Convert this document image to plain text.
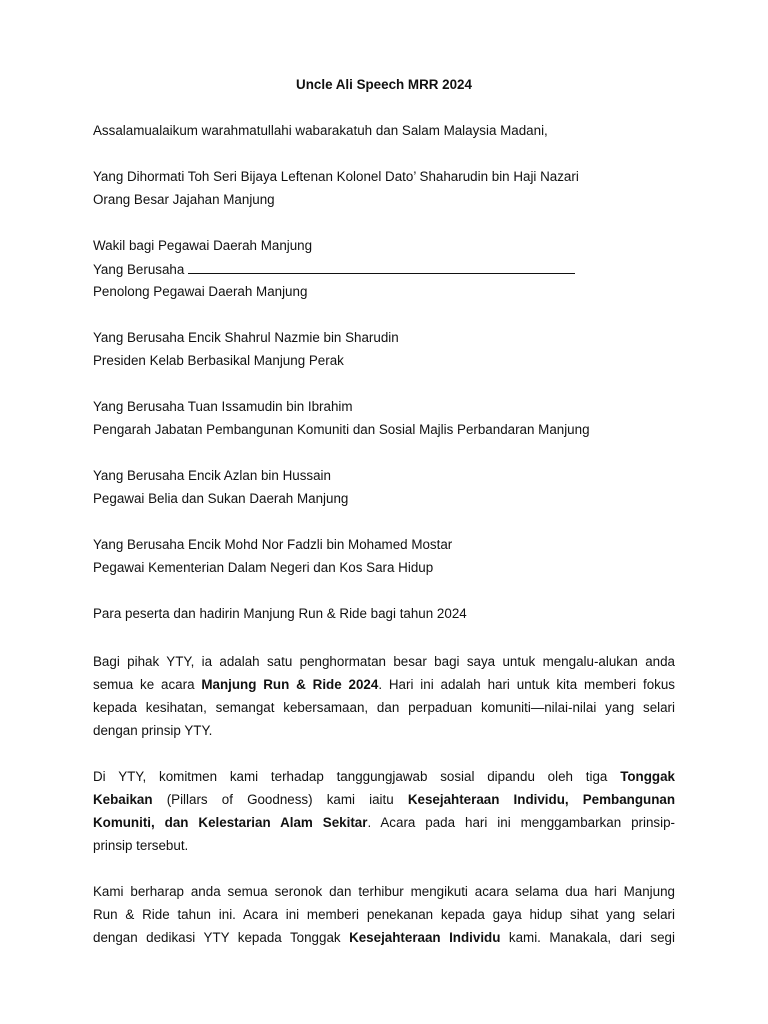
Uncle Ali Speech MRR 2024
Assalamualaikum warahmatullahi wabarakatuh dan Salam Malaysia Madani,
Yang Dihormati Toh Seri Bijaya Leftenan Kolonel Dato’ Shaharudin bin Haji Nazari
Orang Besar Jajahan Manjung
Wakil bagi Pegawai Daerah Manjung
Yang Berusaha
Penolong Pegawai Daerah Manjung
Yang Berusaha Encik Shahrul Nazmie bin Sharudin
Presiden Kelab Berbasikal Manjung Perak
Yang Berusaha Tuan Issamudin bin Ibrahim
Pengarah Jabatan Pembangunan Komuniti dan Sosial Majlis Perbandaran Manjung
Yang Berusaha Encik Azlan bin Hussain
Pegawai Belia dan Sukan Daerah Manjung
Yang Berusaha Encik Mohd Nor Fadzli bin Mohamed Mostar
Pegawai Kementerian Dalam Negeri dan Kos Sara Hidup
Para peserta dan hadirin Manjung Run & Ride bagi tahun 2024
Bagi pihak YTY, ia adalah satu penghormatan besar bagi saya untuk mengalu-alukan anda
semua ke acara Manjung Run & Ride 2024. Hari ini adalah hari untuk kita memberi fokus
kepada kesihatan, semangat kebersamaan, dan perpaduan komuniti—nilai-nilai yang selari
dengan prinsip YTY.
Di YTY, komitmen kami terhadap tanggungjawab sosial dipandu oleh tiga Tonggak
Kebaikan (Pillars of Goodness) kami iaitu Kesejahteraan Individu, Pembangunan
Komuniti, dan Kelestarian Alam Sekitar. Acara pada hari ini menggambarkan prinsip-
prinsip tersebut.
Kami berharap anda semua seronok dan terhibur mengikuti acara selama dua hari Manjung
Run & Ride tahun ini. Acara ini memberi penekanan kepada gaya hidup sihat yang selari
dengan dedikasi YTY kepada Tonggak Kesejahteraan Individu kami. Manakala, dari segi
